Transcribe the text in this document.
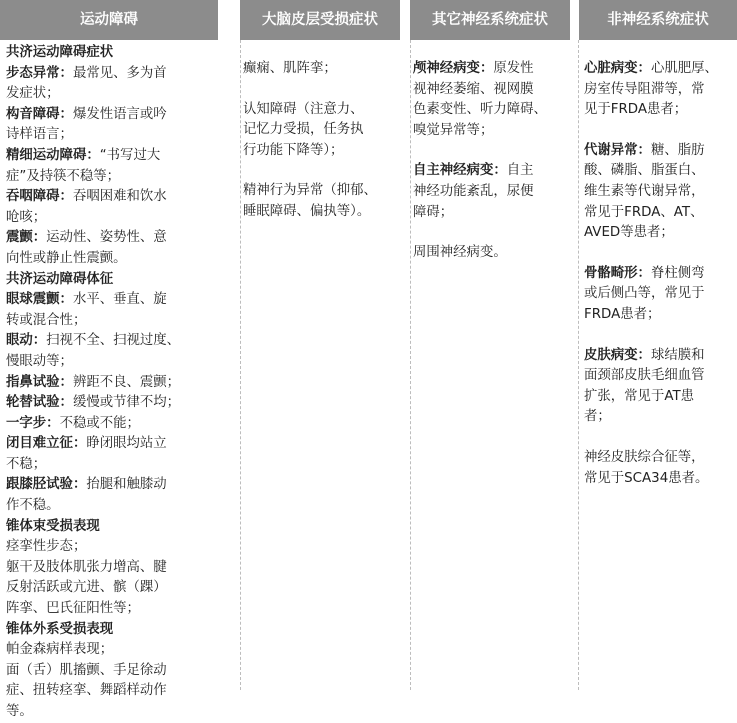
运动障碍
共济运动障碍症状
步态异常：最常见、多为首
发症状；
构音障碍：爆发性语言或吟
诗样语言；
精细运动障碍：“书写过大
症”及持筷不稳等；
吞咽障碍：吞咽困难和饮水
呛咳；
震颤：运动性、姿势性、意
向性或静止性震颤。
共济运动障碍体征
眼球震颤：水平、垂直、旋
转或混合性；
眼动：扫视不全、扫视过度、
慢眼动等；
指鼻试验：辨距不良、震颤；
轮替试验：缓慢或节律不均；
一字步：不稳或不能；
闭目难立征：睁闭眼均站立
不稳；
跟膝胫试验：抬腿和触膝动
作不稳。
锥体束受损表现
痉挛性步态；
躯干及肢体肌张力增高、腱
反射活跃或亢进、髌（踝）
阵挛、巴氏征阳性等；
锥体外系受损表现
帕金森病样表现；
面（舌）肌搐颤、手足徐动
症、扭转痉挛、舞蹈样动作
等。
大脑皮层受损症状
癫痫、肌阵挛；
认知障碍（注意力、
记忆力受损，任务执
行功能下降等）；
精神行为异常（抑郁、
睡眠障碍、偏执等）。
其它神经系统症状
颅神经病变：原发性
视神经萎缩、视网膜
色素变性、听力障碍、
嗅觉异常等；
自主神经病变：自主
神经功能紊乱，尿便
障碍；
周围神经病变。
非神经系统症状
心脏病变：心肌肥厚、
房室传导阻滞等，常
见于FRDA患者；
代谢异常：糖、脂肪
酸、磷脂、脂蛋白、
维生素等代谢异常，
常见于FRDA、AT、
AVED等患者；
骨骼畸形：脊柱侧弯
或后侧凸等，常见于
FRDA患者；
皮肤病变：球结膜和
面颈部皮肤毛细血管
扩张，常见于AT患
者；
神经皮肤综合征等，
常见于SCA34患者。
